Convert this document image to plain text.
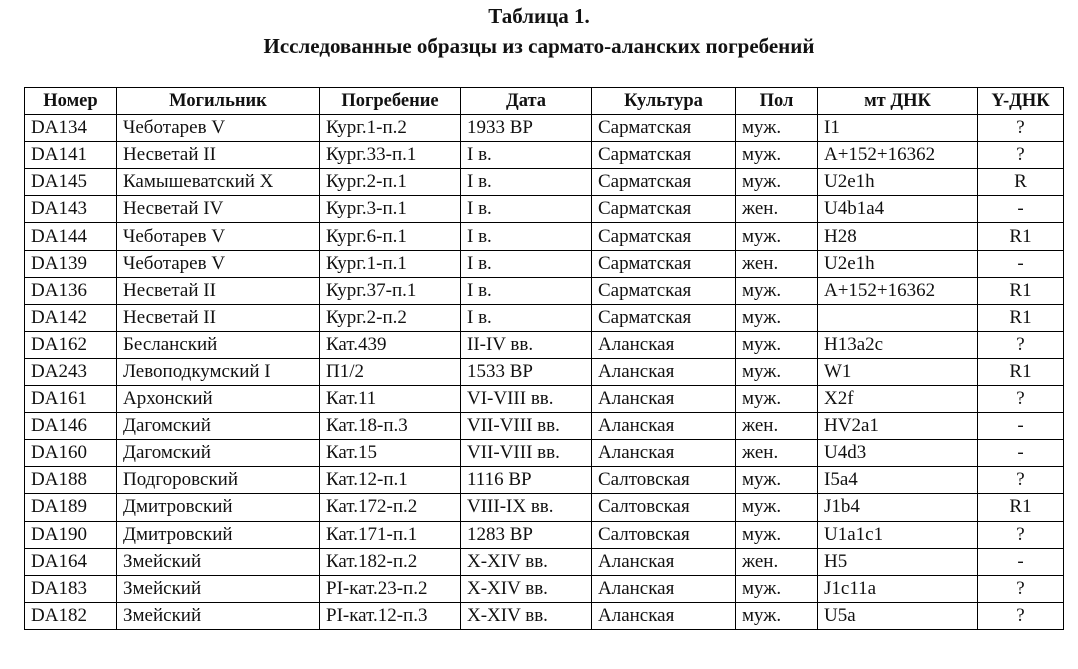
Таблица 1.
Исследованные образцы из сармато-аланских погребений
Номер	Могильник	Погребение	Дата	Культура	Пол	мт ДНК	Y-ДНК
DA134	Чеботарев V	Кург.1-п.2	1933 BP	Сарматская	муж.	I1	?
DA141	Несветай II	Кург.33-п.1	I в.	Сарматская	муж.	A+152+16362	?
DA145	Камышеватский Х	Кург.2-п.1	I в.	Сарматская	муж.	U2e1h	R
DA143	Несветай IV	Кург.3-п.1	I в.	Сарматская	жен.	U4b1a4	-
DA144	Чеботарев V	Кург.6-п.1	I в.	Сарматская	муж.	H28	R1
DA139	Чеботарев V	Кург.1-п.1	I в.	Сарматская	жен.	U2e1h	-
DA136	Несветай II	Кург.37-п.1	I в.	Сарматская	муж.	A+152+16362	R1
DA142	Несветай II	Кург.2-п.2	I в.	Сарматская	муж.		R1
DA162	Бесланский	Кат.439	II-IV вв.	Аланская	муж.	H13a2c	?
DA243	Левоподкумский I	П1/2	1533 BP	Аланская	муж.	W1	R1
DA161	Архонский	Кат.11	VI-VIII вв.	Аланская	муж.	X2f	?
DA146	Дагомский	Кат.18-п.3	VII-VIII вв.	Аланская	жен.	HV2a1	-
DA160	Дагомский	Кат.15	VII-VIII вв.	Аланская	жен.	U4d3	-
DA188	Подгоровский	Кат.12-п.1	1116 BP	Салтовская	муж.	I5a4	?
DA189	Дмитровский	Кат.172-п.2	VIII-IX вв.	Салтовская	муж.	J1b4	R1
DA190	Дмитровский	Кат.171-п.1	1283 BP	Салтовская	муж.	U1a1c1	?
DA164	Змейский	Кат.182-п.2	X-XIV вв.	Аланская	жен.	H5	-
DA183	Змейский	PI-кат.23-п.2	X-XIV вв.	Аланская	муж.	J1c11a	?
DA182	Змейский	PI-кат.12-п.3	X-XIV вв.	Аланская	муж.	U5a	?
